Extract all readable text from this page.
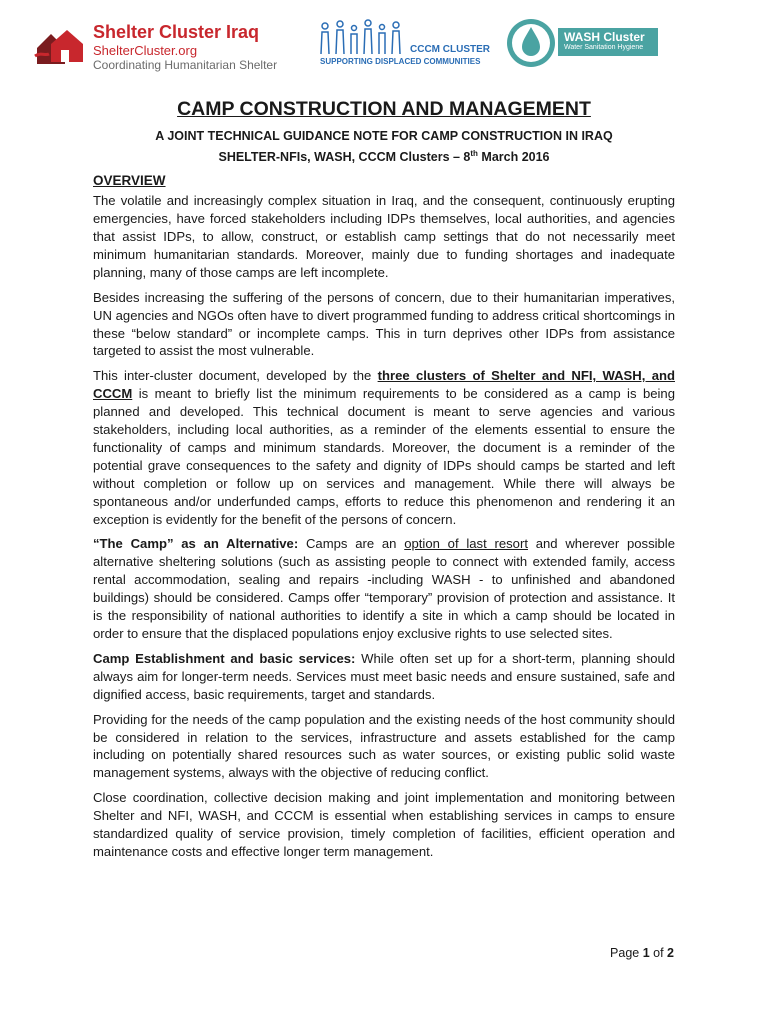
Shelter Cluster Iraq
ShelterCluster.org
Coordinating Humanitarian Shelter
CCCM CLUSTER
SUPPORTING DISPLACED COMMUNITIES
WASH Cluster
Water Sanitation Hygiene
CAMP CONSTRUCTION AND MANAGEMENT
A JOINT TECHNICAL GUIDANCE NOTE FOR CAMP CONSTRUCTION IN IRAQ
SHELTER-NFIs, WASH, CCCM Clusters – 8th March 2016
OVERVIEW

The volatile and increasingly complex situation in Iraq, and the consequent, continuously erupting emergencies, have forced stakeholders including IDPs themselves, local authorities, and agencies that assist IDPs, to allow, construct, or establish camp settings that do not necessarily meet minimum humanitarian standards. Moreover, mainly due to funding shortages and inadequate planning, many of those camps are left incomplete.

Besides increasing the suffering of the persons of concern, due to their humanitarian imperatives, UN agencies and NGOs often have to divert programmed funding to address critical shortcomings in these “below standard” or incomplete camps. This in turn deprives other IDPs from assistance targeted to assist the most vulnerable.

This inter-cluster document, developed by the three clusters of Shelter and NFI, WASH, and CCCM is meant to briefly list the minimum requirements to be considered as a camp is being planned and developed. This technical document is meant to serve agencies and various stakeholders, including local authorities, as a reminder of the elements essential to ensure the functionality of camps and minimum standards. Moreover, the document is a reminder of the potential grave consequences to the safety and dignity of IDPs should camps be started and left without completion or follow up on services and management. While there will always be spontaneous and/or underfunded camps, efforts to reduce this phenomenon and rendering it an exception is evidently for the benefit of the persons of concern.

“The Camp” as an Alternative: Camps are an option of last resort and wherever possible alternative sheltering solutions (such as assisting people to connect with extended family, access rental accommodation, sealing and repairs -including WASH - to unfinished and abandoned buildings) should be considered. Camps offer “temporary” provision of protection and assistance. It is the responsibility of national authorities to identify a site in which a camp should be located in order to ensure that the displaced populations enjoy exclusive rights to use selected sites.

Camp Establishment and basic services: While often set up for a short-term, planning should always aim for longer-term needs. Services must meet basic needs and ensure sustained, safe and dignified access, basic requirements, target and standards.

Providing for the needs of the camp population and the existing needs of the host community should be considered in relation to the services, infrastructure and assets established for the camp including on potentially shared resources such as water sources, or existing public solid waste management systems, always with the objective of reducing conflict.

Close coordination, collective decision making and joint implementation and monitoring between Shelter and NFI, WASH, and CCCM is essential when establishing services in camps to ensure standardized quality of service provision, timely completion of facilities, efficient operation and maintenance costs and effective longer term management.

Page 1 of 2
